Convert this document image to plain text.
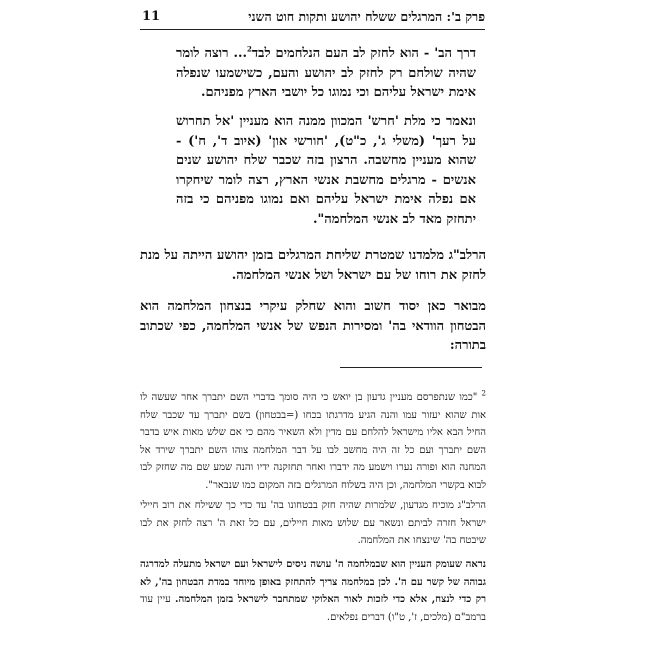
פרק ב': המרגלים ששלח יהושע ותקות חוט השני
11

דרך הב' - הוא לחזק לב העם הנלחמים לבד$^2$... רוצה לומר שהיה שולחם רק לחזק לב יהושע והעם, כשישמעו שנפלה אימת ישראל עליהם וכי נמוגו כל יושבי הארץ מפניהם.

ונאמר כי מלת 'חרש' המכוון ממנה הוא מעניין 'אל תחרוש על רעך' (משלי ג', כ"ט), 'חורשי און' (איוב ד', ח') - שהוא מעניין מחשבה. הרצון בזה שכבר שלח יהושע שנים אנשים - מרגלים מחשבת אנשי הארץ, רצה לומר שיחקרו אם נפלה אימת ישראל עליהם ואם נמוגו מפניהם כי בזה יתחזק מאד לב אנשי המלחמה".

הרלב"ג מלמדנו שמטרת שליחת המרגלים בזמן יהושע הייתה על מנת לחזק את רוחו של עם ישראל ושל אנשי המלחמה.

מבואר כאן יסוד חשוב והוא שחלק עיקרי בנצחון המלחמה הוא הבטחון הוודאי בה' ומסירות הנפש של אנשי המלחמה, כפי שכתוב בתורה:

$^2$ "כמו שנתפרסם מעניין גדעון בן יואש כי היה סומך בדברי השם יתברך אחר שעשה לו אות שהוא יעזור עמו והנה הגיע מדרגתו בכחו (=בבטחון) בשם יתברך עד שכבר שלח החיל הבא אליו מישראל להלחם עם מדין ולא השאיר מהם כי אם שלש מאות איש בדבר השם יתברך ועם כל זה היה מחשב לבו על דבר המלחמה צוהו השם יתברך שירד אל המחנה הוא ופורה נערו וישמע מה ידברו ואחר תחזקנה ידיו והנה שמע שם מה שחזק לבו לבוא בקשרי המלחמה, וכן היה בשלוח המרגלים בזה המקום כמו שנבאר".

הרלב"ג מוכיח מגדעון, שלמרות שהיה חזק בבטחונו בה' עד כדי כך ששילח את רוב חיילי ישראל חזרה לביתם ונשאר עם שלוש מאות חיילים, עם כל זאת ה' רצה לחזק את לבו שיבטח בה' שינצחו את המלחמה.

נראה שעומק העניין הוא שבמלחמה ה' עושה ניסים לישראל ועם ישראל מתעלה למדרגה גבוהה של קשר עם ה'. לכן במלחמה צריך להתחזק באופן מיוחד במדת הבטחון בה', לא רק כדי לנצח, אלא כדי לזכות לאור האלוקי שמתחבר לישראל בזמן המלחמה. עיין עוד ברמב"ם (מלכים, ז', ט"ו) דברים נפלאים.
